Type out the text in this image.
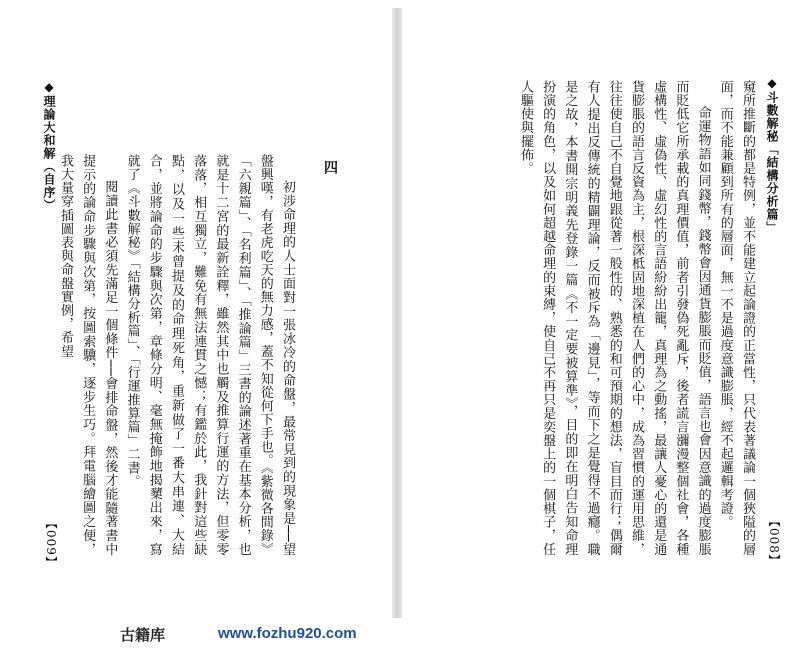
◆斗數解秘「結構分析篇」

窺所推斷的都是特例，並不能建立起論證的正當性，只代表著議論一個狹隘的層面，而不能兼顧到所有的層面，無一不是過度意識膨脹，經不起邏輯考證。

命運物語如同錢幣，錢幣會因通貨膨脹而貶值，語言也會因意識的過度膨脹而貶低它所承載的真理價值，前者引發偽死亂斥，後者謊言瀰漫整個社會，各種虛構性、虛偽性、虛幻性的言語紛紛出籠，真理為之動搖，最讓人憂心的還是通貨膨脹的語言反資為主，根深柢固地深植在人們的心中，成為習慣的運用思維，往往使自己不自覺地跟從著一般性的、熟悉的和可預期的想法，盲目而行；偶爾有人提出反傳統的精闢理論，反而被斥為「邊見」，等而下之是覺得不過癮。職是之故，本書開宗明義先登錄一篇《不一定要被算準》，目的即在明白告知命理扮演的角色，以及如何超越命理的束縛，使自己不再只是奕盤上的一個棋子，任人驅使與擺佈。

【008】
◆理論大和解（自序）	四

初涉命理的人士面對一張冰冷的命盤，最常見到的現象是──望盤興嘆，有老虎吃天的無力感，蓋不知從何下手也。《紫微各間錄》「六親篇」、「名利篇」、「推論篇」三書的論述著重在基本分析，也就是十二宮的最新詮釋，雖然其中也觸及推算行運的方法，但零零落落，相互獨立，難免有無法連貫之憾；有鑑於此，我針對這些缺點，以及一些未曾提及的命理死角，重新做了一番大串連、大結合，並將論命的步驟與次第，章條分明、毫無掩飾地揭櫫出來，寫就了《斗數解秘》「結構分析篇」、「行運推算篇」二書。

閱讀此書必須先滿足一個條件──會排命盤，然後才能隨著書中提示的論命步驟與次第，按圖索驥，逐步生巧。拜電腦繪圖之便，我大量穿插圖表與命盤實例，希望

【009】
古籍库	www.fozhu920.com
